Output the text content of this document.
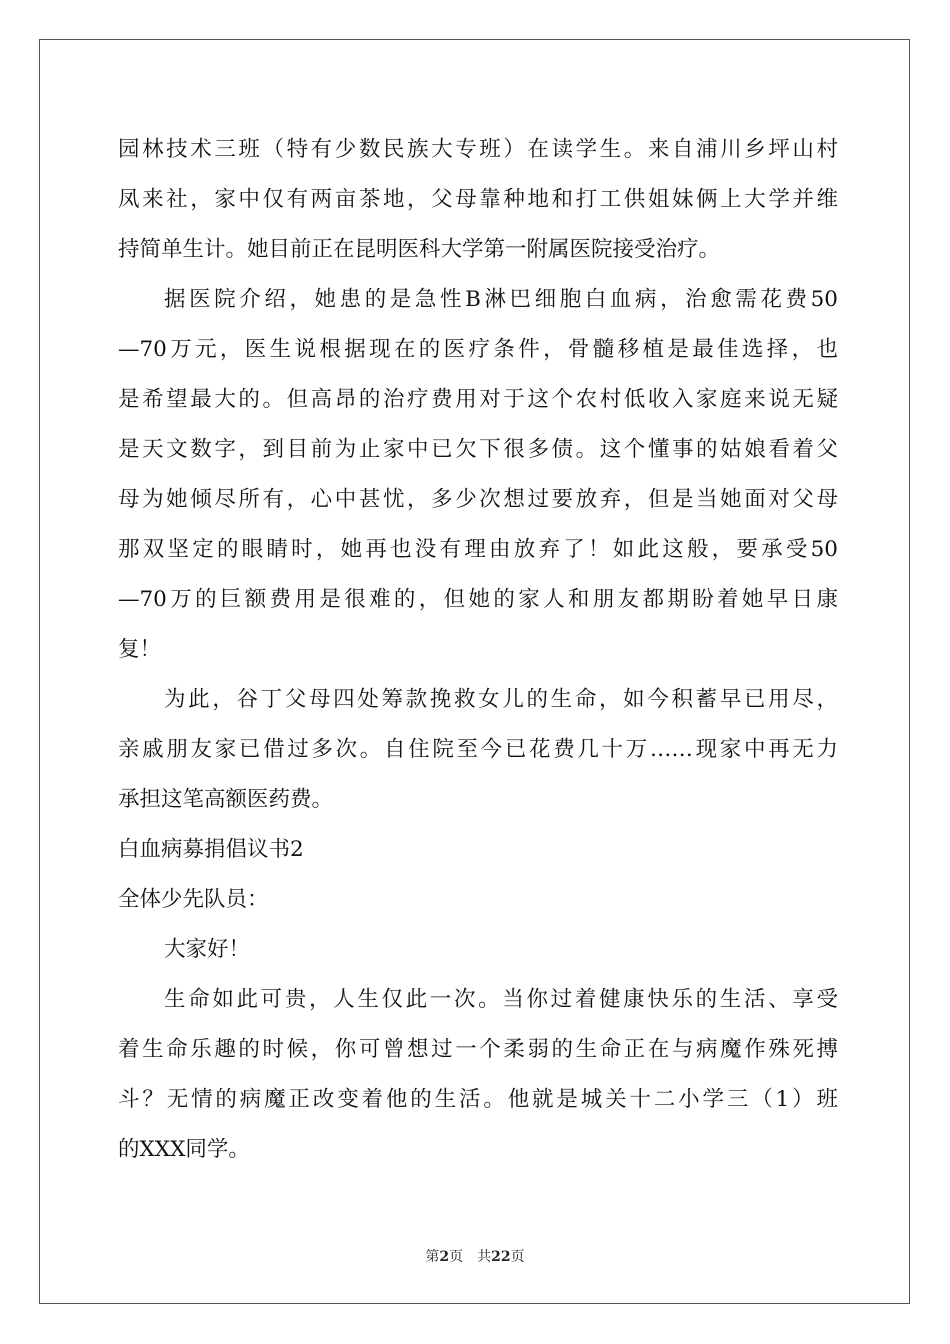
园林技术三班（特有少数民族大专班）在读学生。来自浦川乡坪山村
凤来社，家中仅有两亩茶地，父母靠种地和打工供姐妹俩上大学并维
持简单生计。她目前正在昆明医科大学第一附属医院接受治疗。
据医院介绍，她患的是急性B淋巴细胞白血病，治愈需花费50
—70万元，医生说根据现在的医疗条件，骨髓移植是最佳选择，也
是希望最大的。但高昂的治疗费用对于这个农村低收入家庭来说无疑
是天文数字，到目前为止家中已欠下很多债。这个懂事的姑娘看着父
母为她倾尽所有，心中甚忧，多少次想过要放弃，但是当她面对父母
那双坚定的眼睛时，她再也没有理由放弃了！如此这般，要承受50
—70万的巨额费用是很难的，但她的家人和朋友都期盼着她早日康
复！
为此，谷丁父母四处筹款挽救女儿的生命，如今积蓄早已用尽，
亲戚朋友家已借过多次。自住院至今已花费几十万……现家中再无力
承担这笔高额医药费。
白血病募捐倡议书2
全体少先队员：
大家好！
生命如此可贵，人生仅此一次。当你过着健康快乐的生活、享受
着生命乐趣的时候，你可曾想过一个柔弱的生命正在与病魔作殊死搏
斗？无情的病魔正改变着他的生活。他就是城关十二小学三（1）班
的XXX同学。
第2页　共22页
